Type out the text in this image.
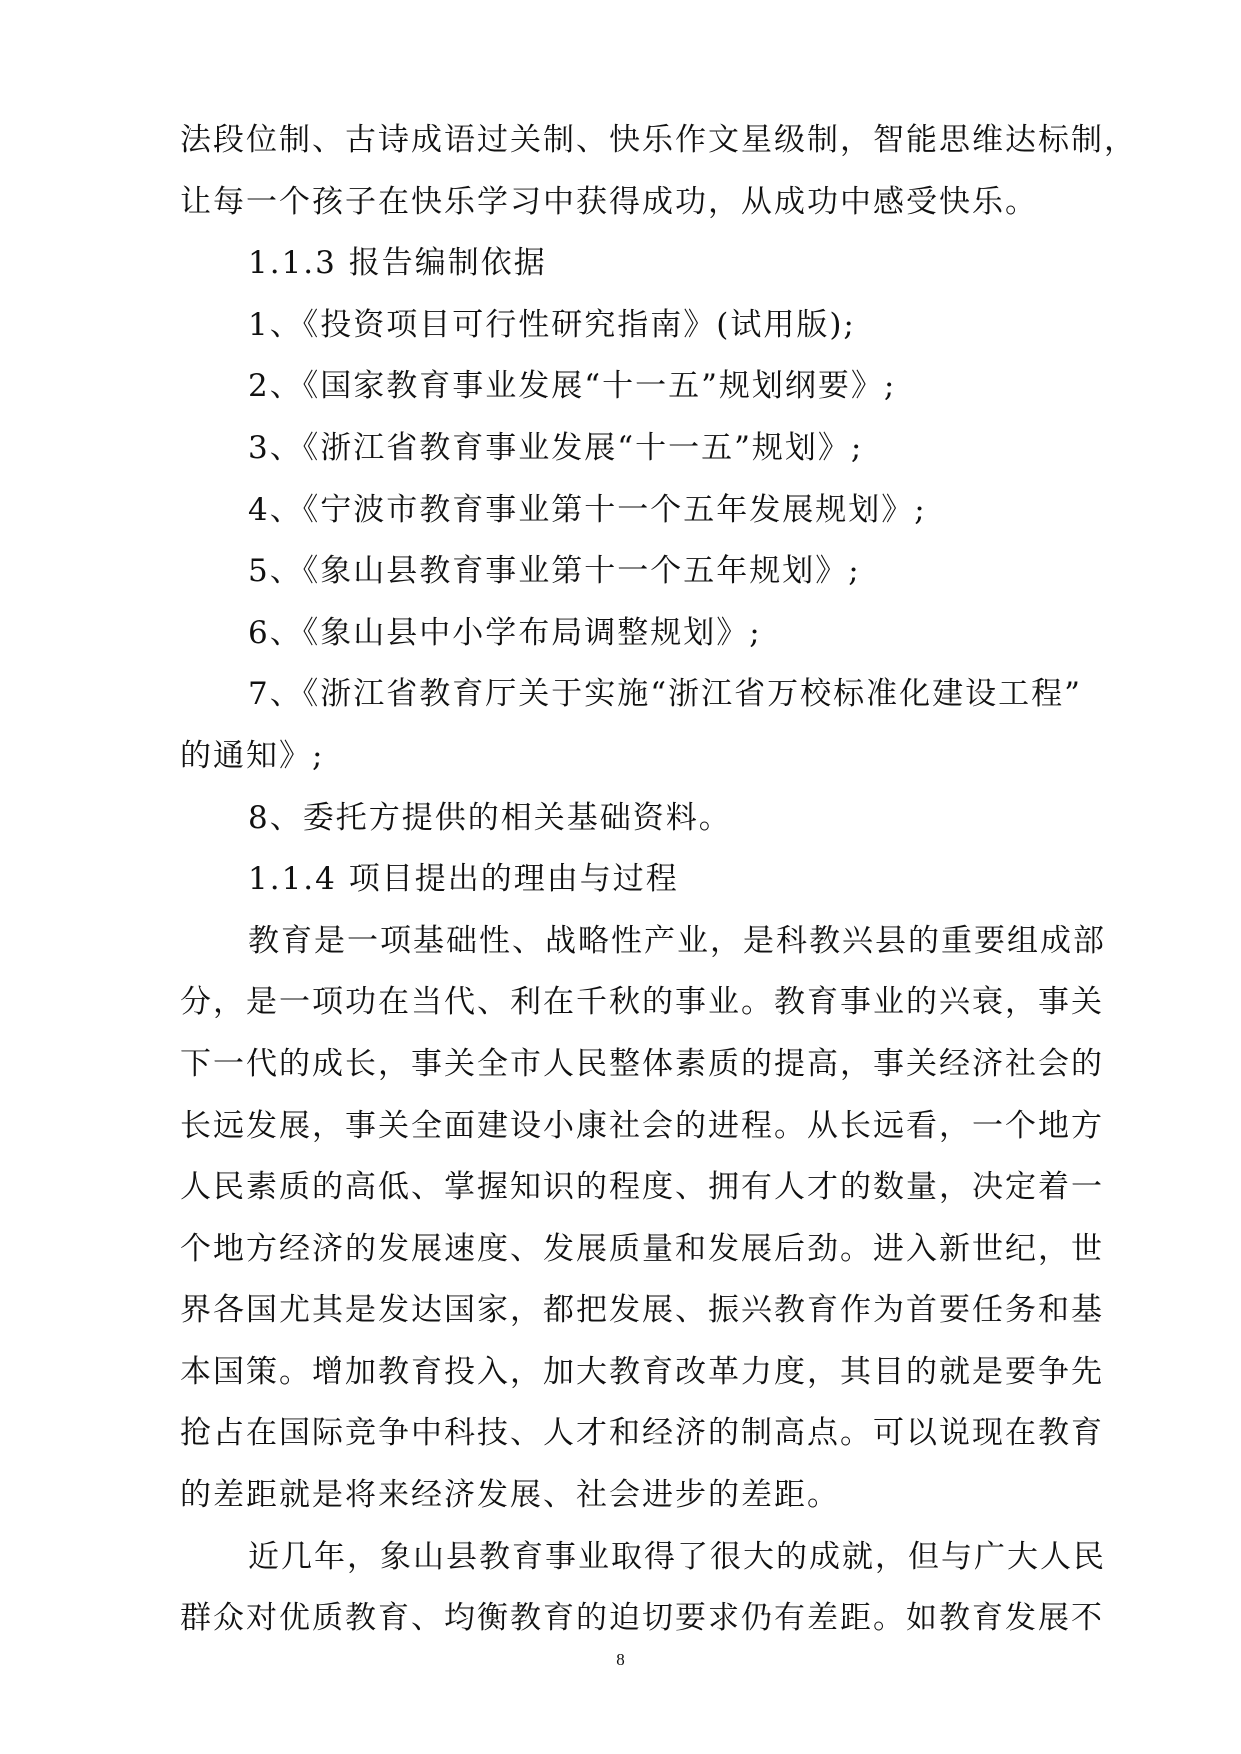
法段位制、古诗成语过关制、快乐作文星级制，智能思维达标制，
让每一个孩子在快乐学习中获得成功，从成功中感受快乐。
1.1.3 报告编制依据
1、《投资项目可行性研究指南》(试用版);
2、《国家教育事业发展“十一五”规划纲要》;
3、《浙江省教育事业发展“十一五”规划》;
4、《宁波市教育事业第十一个五年发展规划》;
5、《象山县教育事业第十一个五年规划》;
6、《象山县中小学布局调整规划》;
7、《浙江省教育厅关于实施“浙江省万校标准化建设工程”
的通知》;
8、委托方提供的相关基础资料。
1.1.4 项目提出的理由与过程
教育是一项基础性、战略性产业，是科教兴县的重要组成部
分，是一项功在当代、利在千秋的事业。教育事业的兴衰，事关
下一代的成长，事关全市人民整体素质的提高，事关经济社会的
长远发展，事关全面建设小康社会的进程。从长远看，一个地方
人民素质的高低、掌握知识的程度、拥有人才的数量，决定着一
个地方经济的发展速度、发展质量和发展后劲。进入新世纪，世
界各国尤其是发达国家，都把发展、振兴教育作为首要任务和基
本国策。增加教育投入，加大教育改革力度，其目的就是要争先
抢占在国际竞争中科技、人才和经济的制高点。可以说现在教育
的差距就是将来经济发展、社会进步的差距。
近几年，象山县教育事业取得了很大的成就，但与广大人民
群众对优质教育、均衡教育的迫切要求仍有差距。如教育发展不
8
